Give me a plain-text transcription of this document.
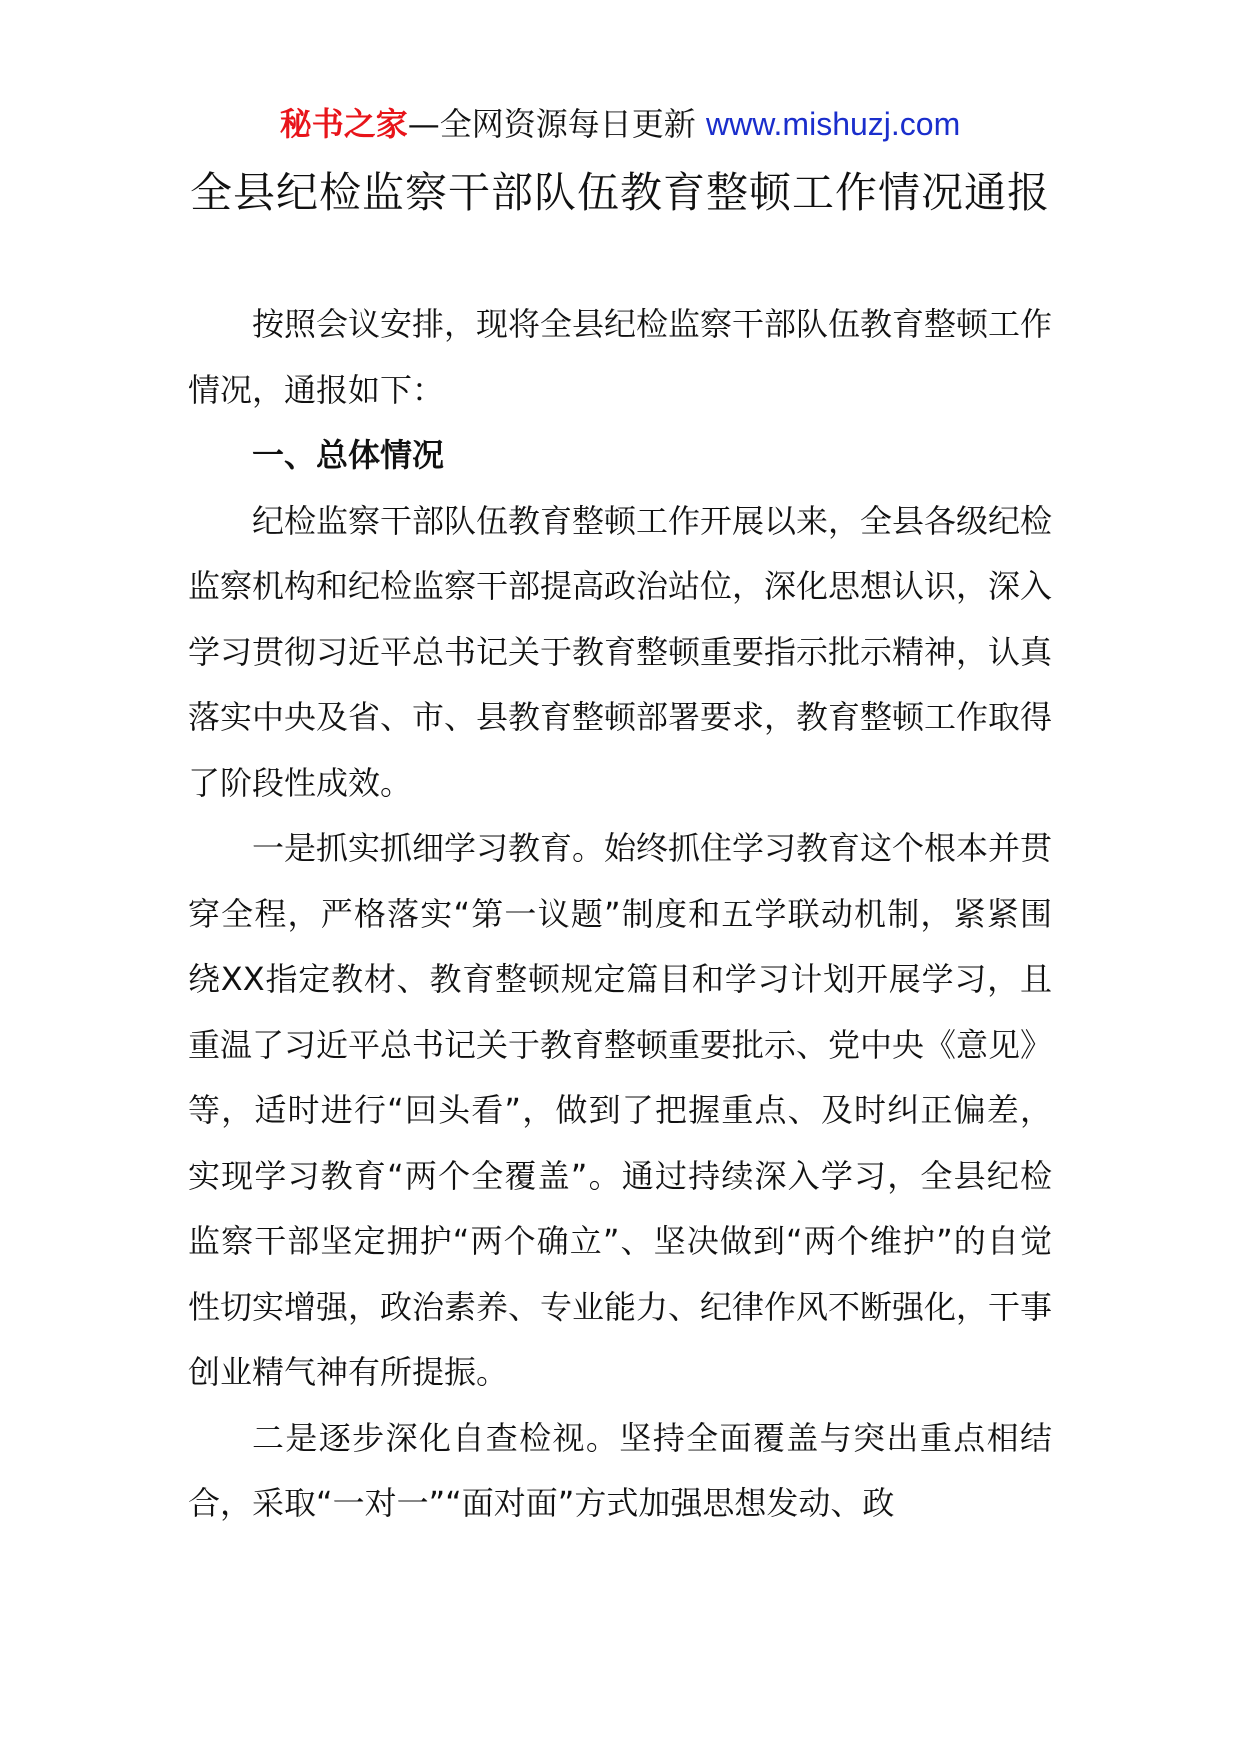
秘书之家—全网资源每日更新 www.mishuzj.com
全县纪检监察干部队伍教育整顿工作情况通报

按照会议安排，现将全县纪检监察干部队伍教育整顿工作情况，通报如下：

一、总体情况

纪检监察干部队伍教育整顿工作开展以来，全县各级纪检监察机构和纪检监察干部提高政治站位，深化思想认识，深入学习贯彻习近平总书记关于教育整顿重要指示批示精神，认真落实中央及省、市、县教育整顿部署要求，教育整顿工作取得了阶段性成效。

一是抓实抓细学习教育。始终抓住学习教育这个根本并贯穿全程，严格落实“第一议题”制度和五学联动机制，紧紧围绕XX指定教材、教育整顿规定篇目和学习计划开展学习，且重温了习近平总书记关于教育整顿重要批示、党中央《意见》等，适时进行“回头看”，做到了把握重点、及时纠正偏差，实现学习教育“两个全覆盖”。通过持续深入学习，全县纪检监察干部坚定拥护“两个确立”、坚决做到“两个维护”的自觉性切实增强，政治素养、专业能力、纪律作风不断强化，干事创业精气神有所提振。

二是逐步深化自查检视。坚持全面覆盖与突出重点相结合，采取“一对一”“面对面”方式加强思想发动、政
